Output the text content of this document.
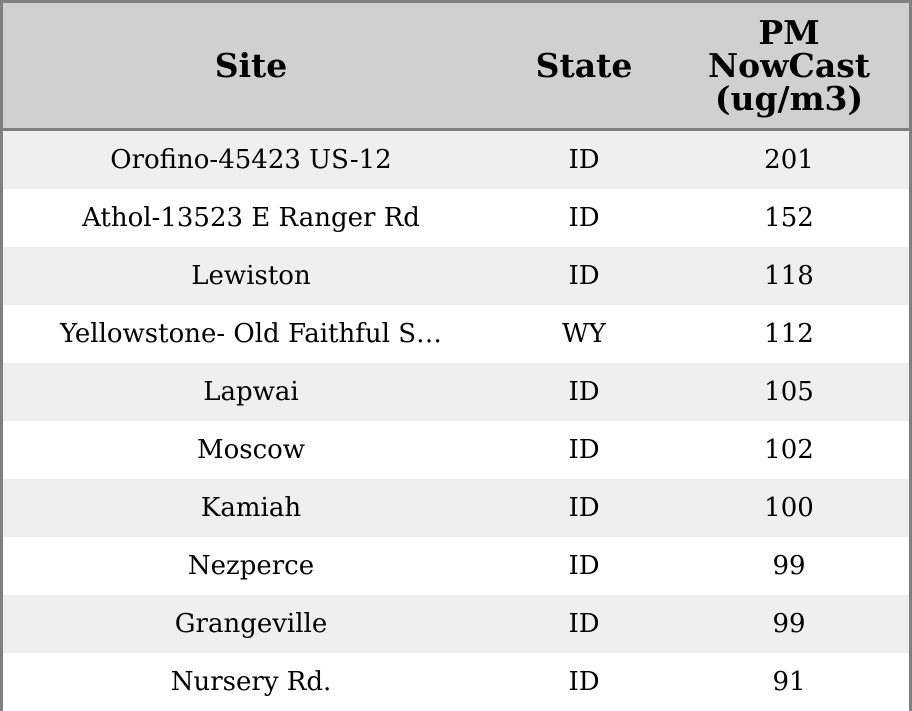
Site	State	PM
NowCast
(ug/m3)

Orofino-45423 US-12	ID	201
Athol-13523 E Ranger Rd	ID	152
Lewiston	ID	118
Yellowstone- Old Faithful S…	WY	112
Lapwai	ID	105
Moscow	ID	102
Kamiah	ID	100
Nezperce	ID	99
Grangeville	ID	99
Nursery Rd.	ID	91
